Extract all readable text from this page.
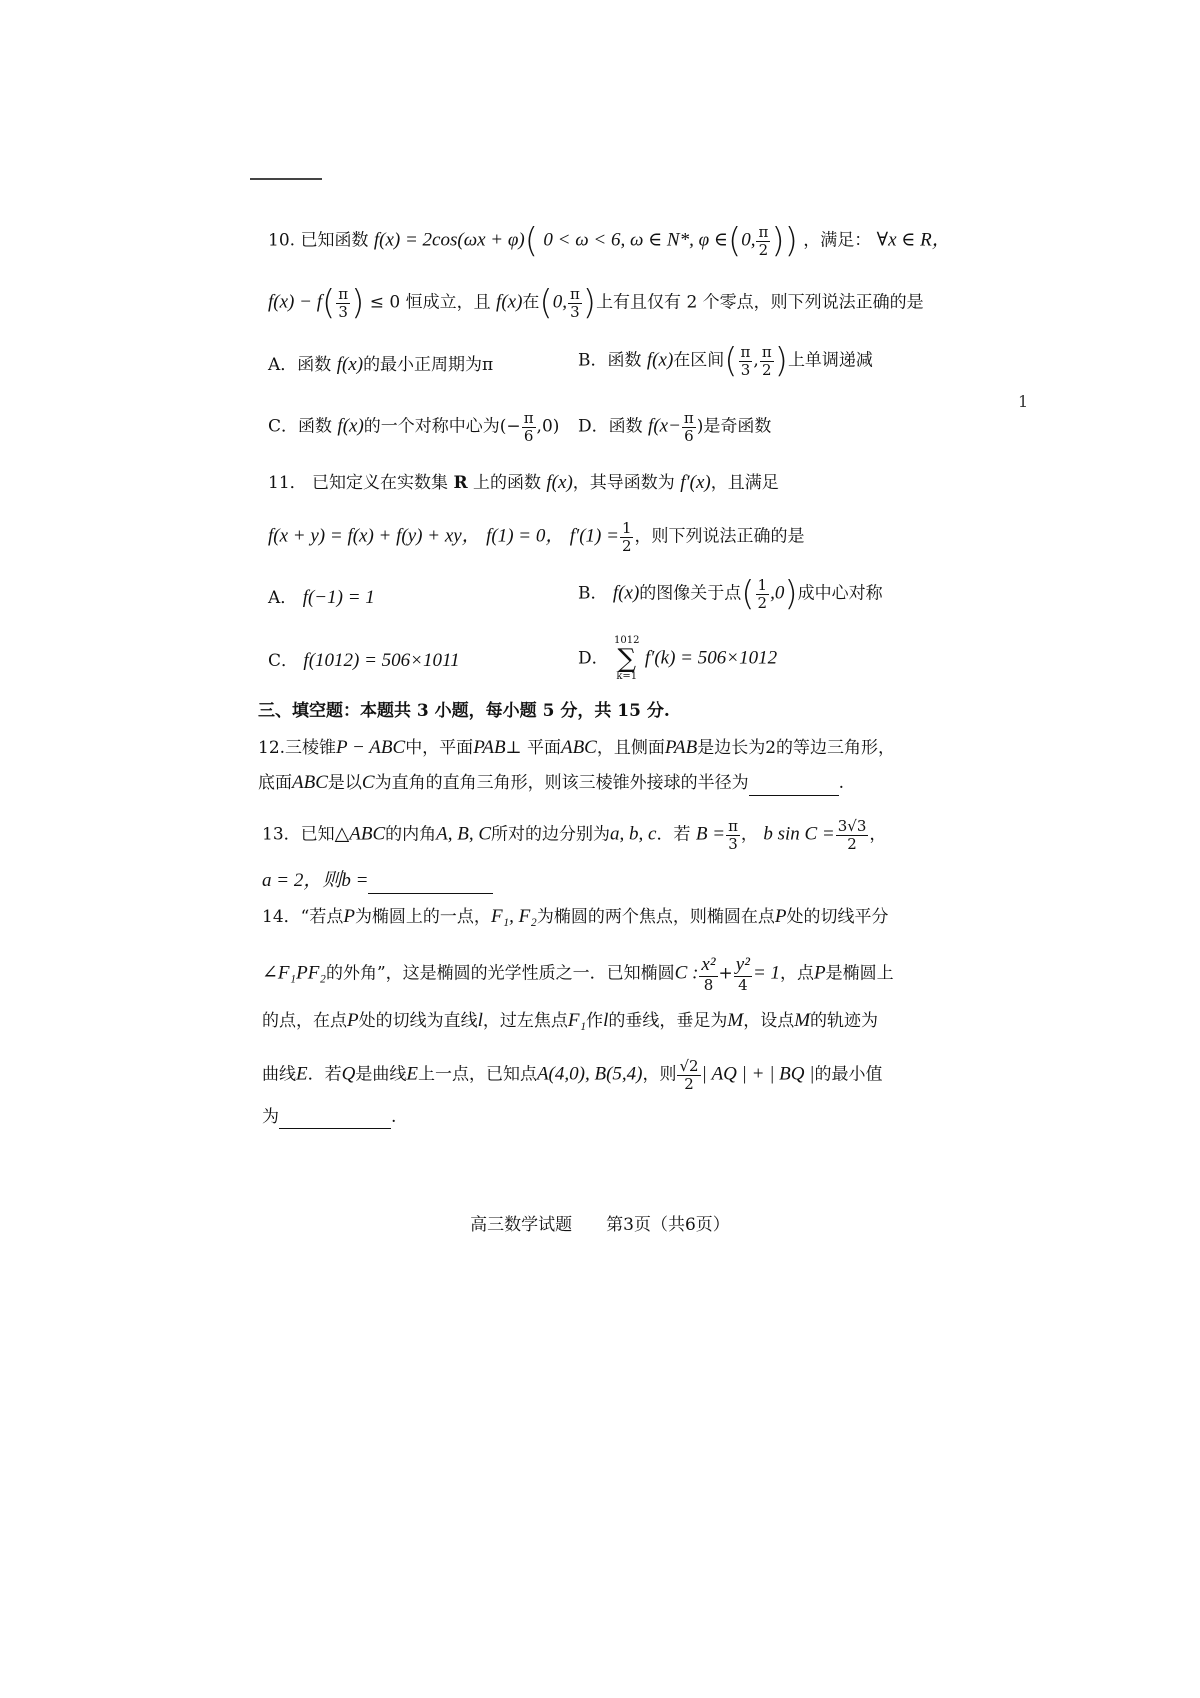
1
10. 已知函数 f(x) = 2cos(ωx + φ)( 0 < ω < 6, ω ∈ N*, φ ∈(0, $\frac{\pi}{2}$ )) ，满足： ∀x ∈ R，
$f(x) - f( \frac{\pi}{3}$ ) ≤ 0 恒成立，且 f(x)在(0, $\frac{\pi}{3}$ )上有且仅有 2 个零点，则下列说法正确的是
A．函数 f(x)的最小正周期为π	B．函数 f(x)在区间( $\frac{\pi}{3}$ , $\frac{\pi}{2}$ )上单调递减
C．函数 f(x)的一个对称中心为(− $\frac{\pi}{6} ,0$) D．函数 $f(x- \frac{\pi}{6}$ )是奇函数
11． 已知定义在实数集 R 上的函数 f(x)，其导函数为 f′(x)，且满足
f(x + y) = f(x) + f(y) + xy， f(1) = 0， $f'(1) = \frac{1}{2}$ ，则下列说法正确的是
A． f(−1) = 1	B． f(x)的图像关于点( $\frac{1}{2} ,0$)成中心对称
C． f(1012) = 506×1011	D．
1012
∑
k=1
f′(k) = 506×1012
三、填空题：本题共 3 小题，每小题 5 分，共 15 分.
12.三棱锥P − ABC中，平面PAB⊥ 平面ABC，且侧面PAB是边长为2的等边三角形，
底面ABC是以C为直角的直角三角形，则该三棱锥外接球的半径为	.
13．已知△ABC的内角A, B, C所对的边分别为a, b, c．若 $B = \frac{\pi}{3}$ ， b $\sin C = \frac{3√3}{2}$ ，
a = 2，则b =
14．“若点P为椭圆上的一点，F₁, F₂为椭圆的两个焦点，则椭圆在点P处的切线平分
∠F₁PF₂的外角”，这是椭圆的光学性质之一．已知椭圆C : $\frac{\text{x²}}{8} + \frac{\text{y²}}{4} = 1$，点P是椭圆上
的点，在点P处的切线为直线l，过左焦点F₁作l的垂线，垂足为M，设点M的轨迹为
曲线E．若Q是曲线E上一点，已知点A(4,0), B(5,4)，则 $\frac{√2}{2}$ | AQ | + | BQ |的最小值
为	.
高三数学试题　　第3页（共6页）
